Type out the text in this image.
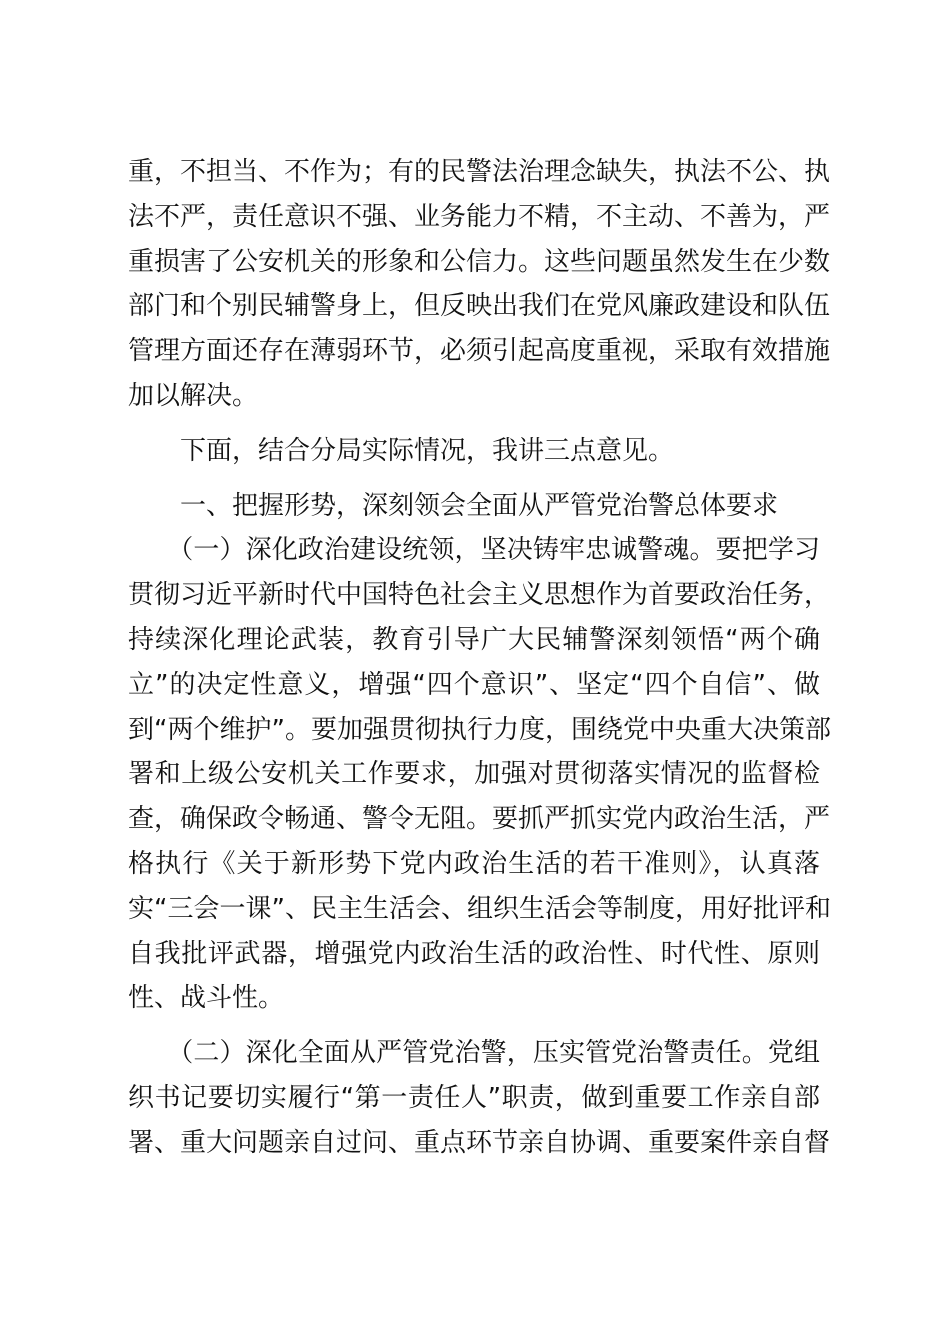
重，不担当、不作为；有的民警法治理念缺失，执法不公、执
法不严，责任意识不强、业务能力不精，不主动、不善为，严
重损害了公安机关的形象和公信力。这些问题虽然发生在少数
部门和个别民辅警身上，但反映出我们在党风廉政建设和队伍
管理方面还存在薄弱环节，必须引起高度重视，采取有效措施
加以解决。
　　下面，结合分局实际情况，我讲三点意见。
　　一、把握形势，深刻领会全面从严管党治警总体要求
　　（一）深化政治建设统领，坚决铸牢忠诚警魂。要把学习
贯彻习近平新时代中国特色社会主义思想作为首要政治任务，
持续深化理论武装，教育引导广大民辅警深刻领悟“两个确
立”的决定性意义，增强“四个意识”、坚定“四个自信”、做
到“两个维护”。要加强贯彻执行力度，围绕党中央重大决策部
署和上级公安机关工作要求，加强对贯彻落实情况的监督检
查，确保政令畅通、警令无阻。要抓严抓实党内政治生活，严
格执行《关于新形势下党内政治生活的若干准则》，认真落
实“三会一课”、民主生活会、组织生活会等制度，用好批评和
自我批评武器，增强党内政治生活的政治性、时代性、原则
性、战斗性。
　　（二）深化全面从严管党治警，压实管党治警责任。党组
织书记要切实履行“第一责任人”职责，做到重要工作亲自部
署、重大问题亲自过问、重点环节亲自协调、重要案件亲自督
